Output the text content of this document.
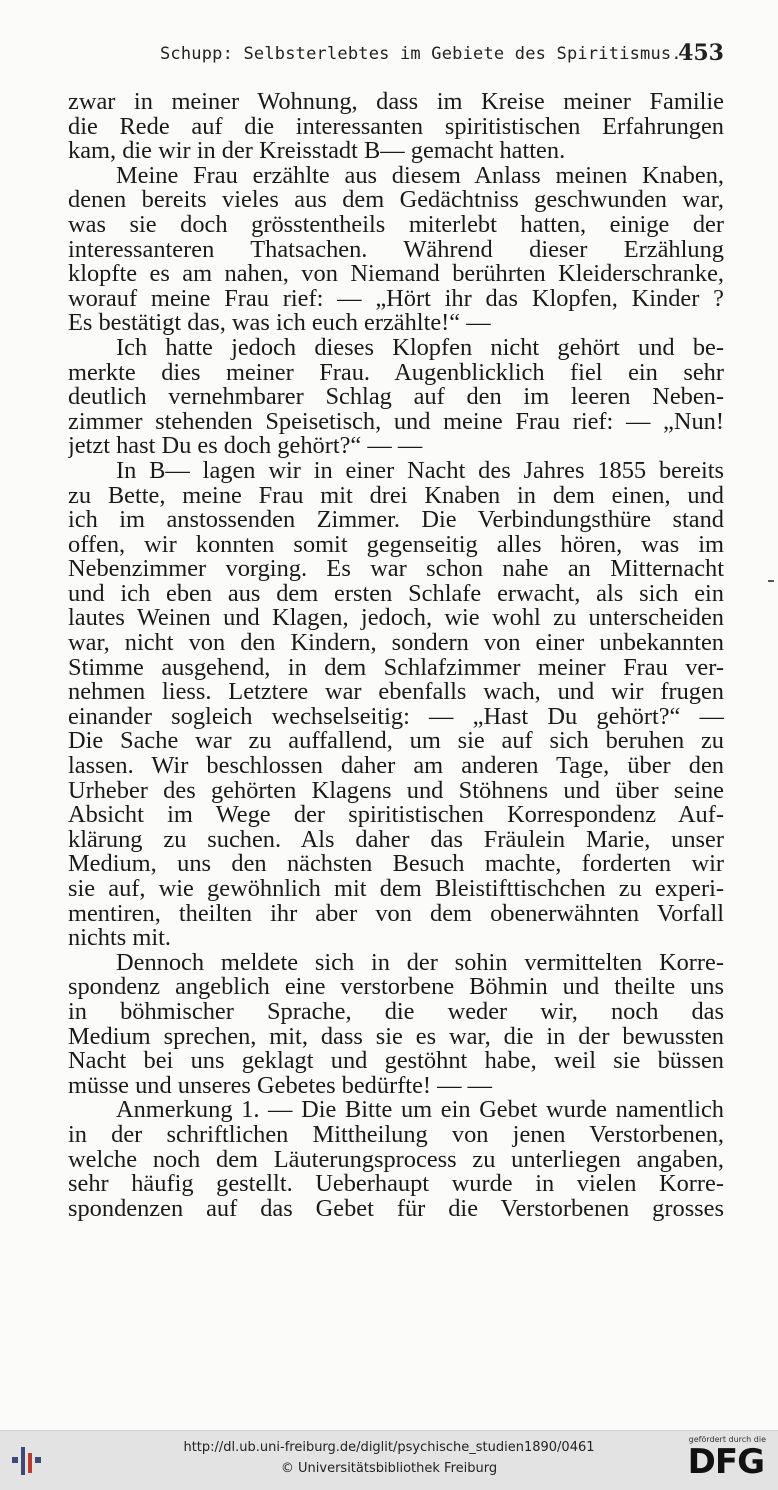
Schupp: Selbsterlebtes im Gebiete des Spiritismus.
453
zwar in meiner Wohnung, dass im Kreise meiner Familie
die Rede auf die interessanten spiritistischen Erfahrungen
kam, die wir in der Kreisstadt B— gemacht hatten.
Meine Frau erzählte aus diesem Anlass meinen Knaben,
denen bereits vieles aus dem Gedächtniss geschwunden war,
was sie doch grösstentheils miterlebt hatten, einige der
interessanteren Thatsachen. Während dieser Erzählung
klopfte es am nahen, von Niemand berührten Kleiderschranke,
worauf meine Frau rief: — „Hört ihr das Klopfen, Kinder ?
Es bestätigt das, was ich euch erzählte!“ —
Ich hatte jedoch dieses Klopfen nicht gehört und be-
merkte dies meiner Frau. Augenblicklich fiel ein sehr
deutlich vernehmbarer Schlag auf den im leeren Neben-
zimmer stehenden Speisetisch, und meine Frau rief: — „Nun!
jetzt hast Du es doch gehört?“ — —
In B— lagen wir in einer Nacht des Jahres 1855 bereits
zu Bette, meine Frau mit drei Knaben in dem einen, und
ich im anstossenden Zimmer. Die Verbindungsthüre stand
offen, wir konnten somit gegenseitig alles hören, was im
Nebenzimmer vorging. Es war schon nahe an Mitternacht
und ich eben aus dem ersten Schlafe erwacht, als sich ein
lautes Weinen und Klagen, jedoch, wie wohl zu unterscheiden
war, nicht von den Kindern, sondern von einer unbekannten
Stimme ausgehend, in dem Schlafzimmer meiner Frau ver-
nehmen liess. Letztere war ebenfalls wach, und wir frugen
einander sogleich wechselseitig: — „Hast Du gehört?“ —
Die Sache war zu auffallend, um sie auf sich beruhen zu
lassen. Wir beschlossen daher am anderen Tage, über den
Urheber des gehörten Klagens und Stöhnens und über seine
Absicht im Wege der spiritistischen Korrespondenz Auf-
klärung zu suchen. Als daher das Fräulein Marie, unser
Medium, uns den nächsten Besuch machte, forderten wir
sie auf, wie gewöhnlich mit dem Bleistifttischchen zu experi-
mentiren, theilten ihr aber von dem obenerwähnten Vorfall
nichts mit.
Dennoch meldete sich in der sohin vermittelten Korre-
spondenz angeblich eine verstorbene Böhmin und theilte uns
in böhmischer Sprache, die weder wir, noch das
Medium sprechen, mit, dass sie es war, die in der bewussten
Nacht bei uns geklagt und gestöhnt habe, weil sie büssen
müsse und unseres Gebetes bedürfte! — —
Anmerkung 1. — Die Bitte um ein Gebet wurde namentlich
in der schriftlichen Mittheilung von jenen Verstorbenen,
welche noch dem Läuterungsprocess zu unterliegen angaben,
sehr häufig gestellt. Ueberhaupt wurde in vielen Korre-
spondenzen auf das Gebet für die Verstorbenen grosses
http://dl.ub.uni-freiburg.de/diglit/psychische_studien1890/0461
© Universitätsbibliothek Freiburg
gefördert durch die
DFG
